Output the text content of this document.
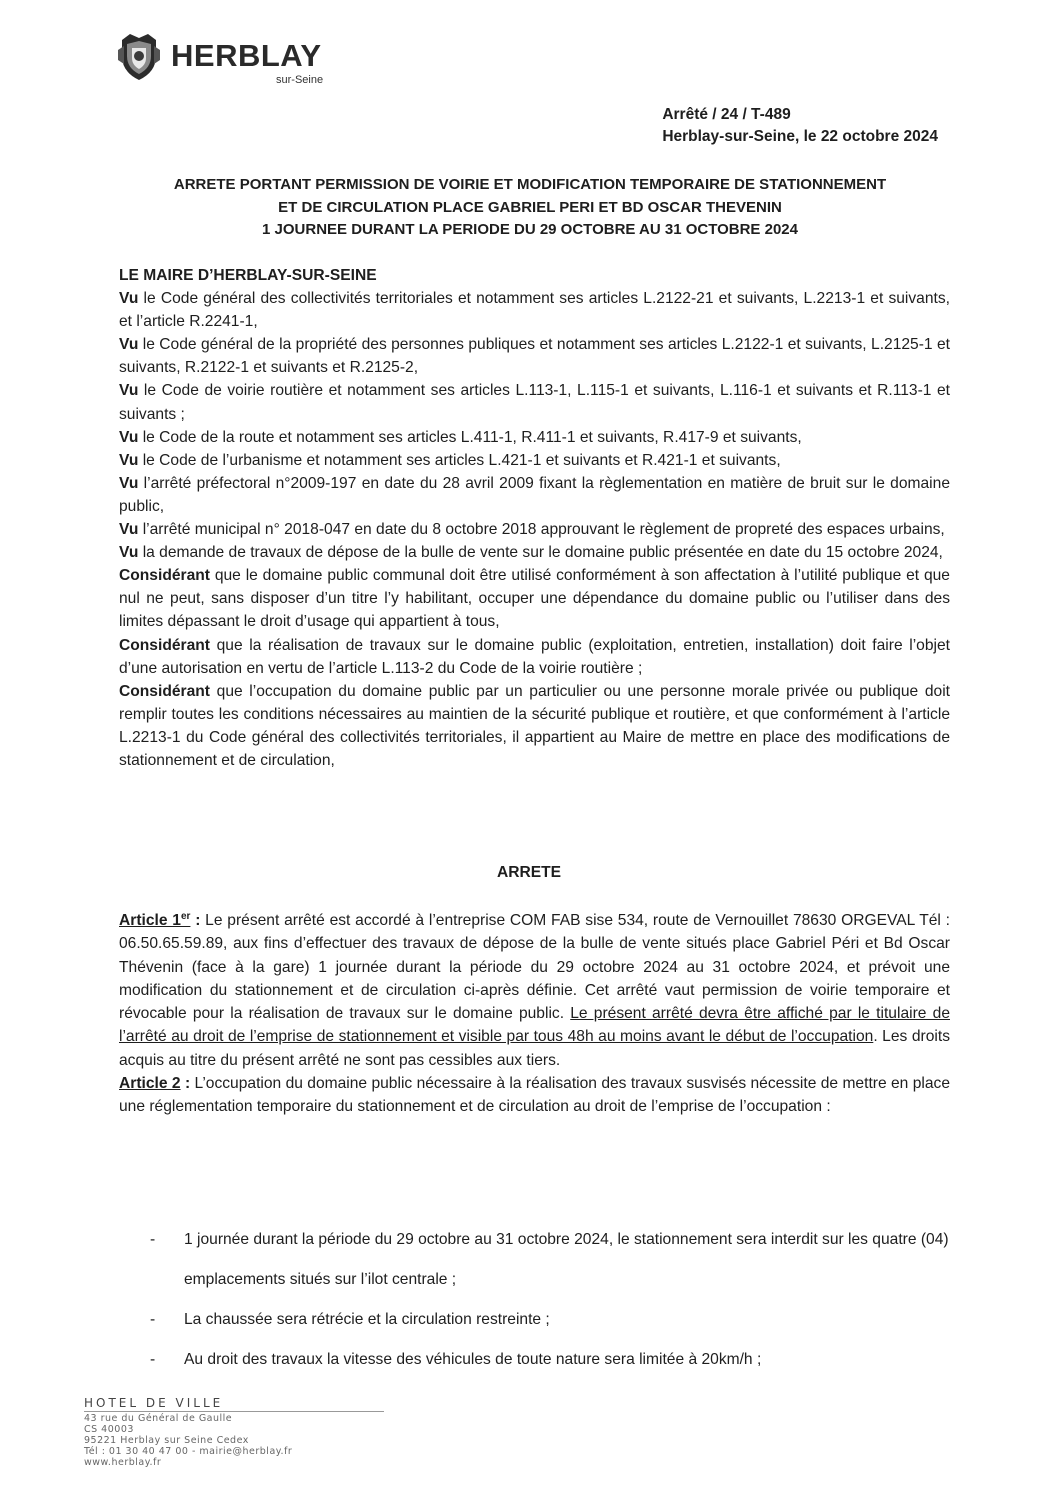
HERBLAY
sur-Seine
Arrêté / 24 / T-489
Herblay-sur-Seine, le 22 octobre 2024
ARRETE PORTANT PERMISSION DE VOIRIE ET MODIFICATION TEMPORAIRE DE STATIONNEMENT
ET DE CIRCULATION PLACE GABRIEL PERI ET BD OSCAR THEVENIN
1 JOURNEE DURANT LA PERIODE DU 29 OCTOBRE AU 31 OCTOBRE 2024

LE MAIRE D’HERBLAY-SUR-SEINE

Vu le Code général des collectivités territoriales et notamment ses articles L.2122-21 et suivants, L.2213-1 et suivants, et l’article R.2241-1,

Vu le Code général de la propriété des personnes publiques et notamment ses articles L.2122-1 et suivants, L.2125-1 et suivants, R.2122-1 et suivants et R.2125-2,

Vu le Code de voirie routière et notamment ses articles L.113-1, L.115-1 et suivants, L.116-1 et suivants et R.113-1 et suivants ;

Vu le Code de la route et notamment ses articles L.411-1, R.411-1 et suivants, R.417-9 et suivants,

Vu le Code de l’urbanisme et notamment ses articles L.421-1 et suivants et R.421-1 et suivants,

Vu l’arrêté préfectoral n°2009-197 en date du 28 avril 2009 fixant la règlementation en matière de bruit sur le domaine public,

Vu l’arrêté municipal n° 2018-047 en date du 8 octobre 2018 approuvant le règlement de propreté des espaces urbains,

Vu la demande de travaux de dépose de la bulle de vente sur le domaine public présentée en date du 15 octobre 2024,

Considérant que le domaine public communal doit être utilisé conformément à son affectation à l’utilité publique et que nul ne peut, sans disposer d’un titre l’y habilitant, occuper une dépendance du domaine public ou l’utiliser dans des limites dépassant le droit d’usage qui appartient à tous,

Considérant que la réalisation de travaux sur le domaine public (exploitation, entretien, installation) doit faire l’objet d’une autorisation en vertu de l’article L.113-2 du Code de la voirie routière ;

Considérant que l’occupation du domaine public par un particulier ou une personne morale privée ou publique doit remplir toutes les conditions nécessaires au maintien de la sécurité publique et routière, et que conformément à l’article L.2213-1 du Code général des collectivités territoriales, il appartient au Maire de mettre en place des modifications de stationnement et de circulation,

ARRETE

Article 1er : Le présent arrêté est accordé à l’entreprise COM FAB sise 534, route de Vernouillet 78630 ORGEVAL Tél : 06.50.65.59.89, aux fins d’effectuer des travaux de dépose de la bulle de vente situés place Gabriel Péri et Bd Oscar Thévenin (face à la gare) 1 journée durant la période du 29 octobre 2024 au 31 octobre 2024, et prévoit une modification du stationnement et de circulation ci-après définie. Cet arrêté vaut permission de voirie temporaire et révocable pour la réalisation de travaux sur le domaine public. Le présent arrêté devra être affiché par le titulaire de l’arrêté au droit de l’emprise de stationnement et visible par tous 48h au moins avant le début de l’occupation. Les droits acquis au titre du présent arrêté ne sont pas cessibles aux tiers.

Article 2 : L’occupation du domaine public nécessaire à la réalisation des travaux susvisés nécessite de mettre en place une réglementation temporaire du stationnement et de circulation au droit de l’emprise de l’occupation :

- 1 journée durant la période du 29 octobre au 31 octobre 2024, le stationnement sera interdit sur les quatre (04) emplacements situés sur l’ilot centrale ;
- La chaussée sera rétrécie et la circulation restreinte ;
- Au droit des travaux la vitesse des véhicules de toute nature sera limitée à 20km/h ;
HOTEL DE VILLE
43 rue du Général de Gaulle
CS 40003
95221 Herblay sur Seine Cedex
Tél : 01 30 40 47 00 - mairie@herblay.fr
www.herblay.fr
